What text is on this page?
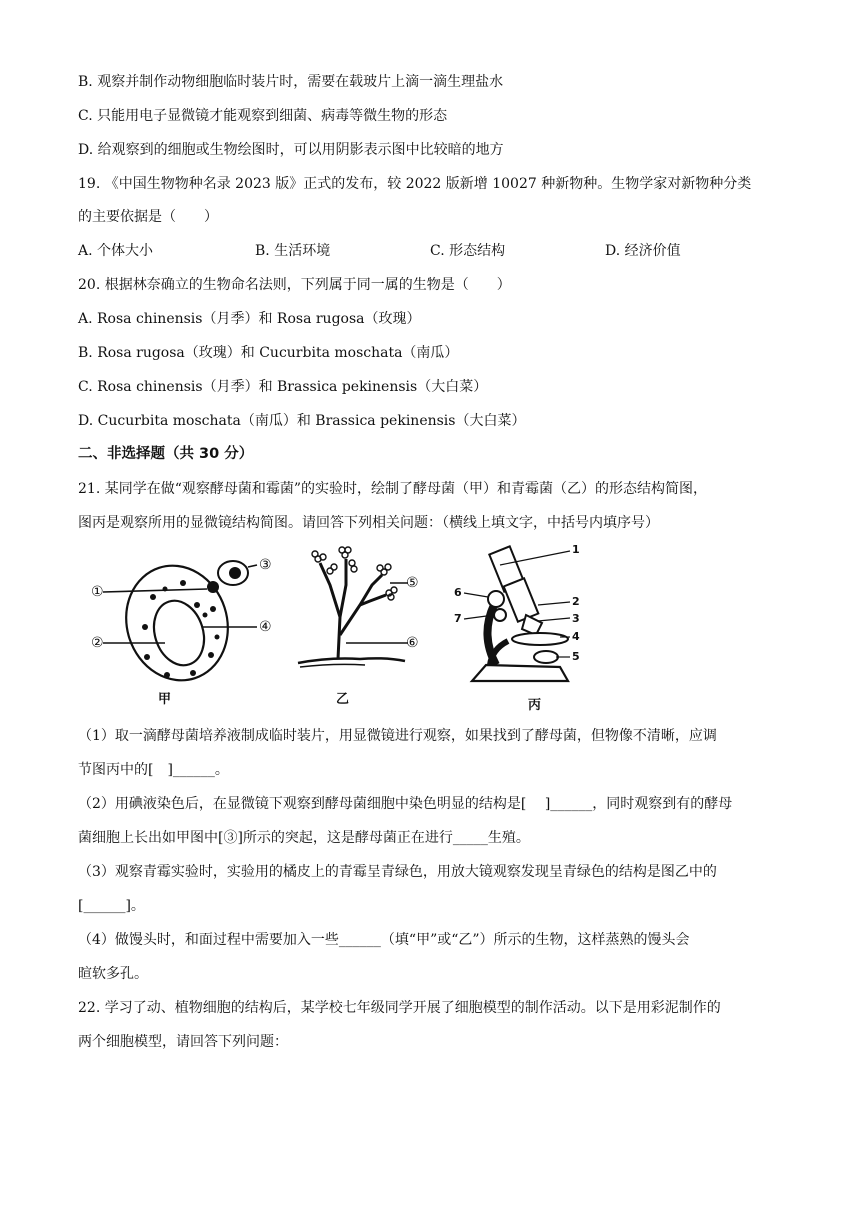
B. 观察并制作动物细胞临时装片时，需要在载玻片上滴一滴生理盐水
C. 只能用电子显微镜才能观察到细菌、病毒等微生物的形态
D. 给观察到的细胞或生物绘图时，可以用阴影表示图中比较暗的地方
19. 《中国生物物种名录 2023 版》正式的发布，较 2022 版新增 10027 种新物种。生物学家对新物种分类
的主要依据是（　　）
A. 个体大小	B. 生活环境	C. 形态结构	D. 经济价值
20. 根据林奈确立的生物命名法则，下列属于同一属的生物是（　　）
A. Rosa chinensis（月季）和 Rosa rugosa（玫瑰）
B. Rosa rugosa（玫瑰）和 Cucurbita moschata（南瓜）
C. Rosa chinensis（月季）和 Brassica pekinensis（大白菜）
D. Cucurbita moschata（南瓜）和 Brassica pekinensis（大白菜）
二、非选择题（共 30 分）
21. 某同学在做“观察酵母菌和霉菌”的实验时，绘制了酵母菌（甲）和青霉菌（乙）的形态结构简图，
图丙是观察所用的显微镜结构简图。请回答下列相关问题：（横线上填文字，中括号内填序号）
①
②
③
④
甲
⑤
⑥
乙
1
2
3
4
5
6
7
丙
（1）取一滴酵母菌培养液制成临时装片，用显微镜进行观察，如果找到了酵母菌，但物像不清晰，应调
节图丙中的[　]______。
（2）用碘液染色后，在显微镜下观察到酵母菌细胞中染色明显的结构是[　 ]______，同时观察到有的酵母
菌细胞上长出如甲图中[③]所示的突起，这是酵母菌正在进行_____生殖。
（3）观察青霉实验时，实验用的橘皮上的青霉呈青绿色，用放大镜观察发现呈青绿色的结构是图乙中的
[______]。
（4）做馒头时，和面过程中需要加入一些______（填“甲”或“乙”）所示的生物，这样蒸熟的馒头会
暄软多孔。
22. 学习了动、植物细胞的结构后，某学校七年级同学开展了细胞模型的制作活动。以下是用彩泥制作的
两个细胞模型，请回答下列问题：
